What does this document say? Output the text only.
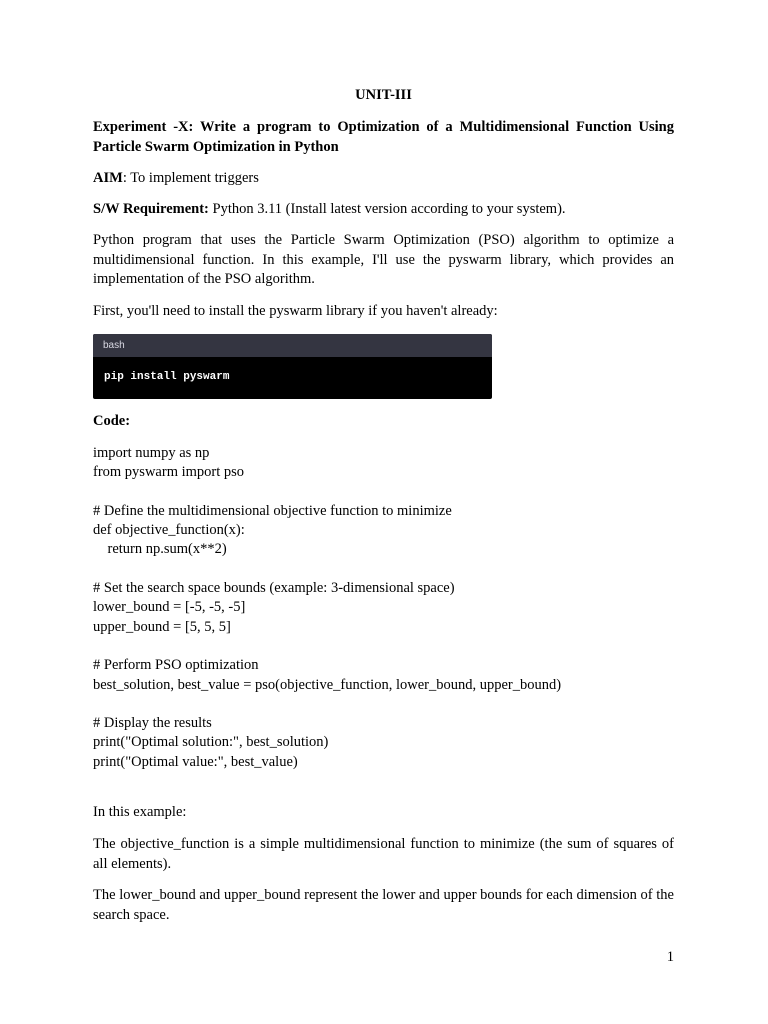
UNIT-III

Experiment -X: Write a program to Optimization of a Multidimensional Function Using Particle Swarm Optimization in Python

AIM: To implement triggers

S/W Requirement: Python 3.11 (Install latest version according to your system).

Python program that uses the Particle Swarm Optimization (PSO) algorithm to optimize a multidimensional function. In this example, I'll use the pyswarm library, which provides an implementation of the PSO algorithm.

First, you'll need to install the pyswarm library if you haven't already:

bash
pip install pyswarm
Code:
import numpy as np
from pyswarm import pso
# Define the multidimensional objective function to minimize
def objective_function(x):
return np.sum(x**2)
# Set the search space bounds (example: 3-dimensional space)
lower_bound = [-5, -5, -5]
upper_bound = [5, 5, 5]
# Perform PSO optimization
best_solution, best_value = pso(objective_function, lower_bound, upper_bound)
# Display the results
print("Optimal solution:", best_solution)
print("Optimal value:", best_value)

In this example:

The objective_function is a simple multidimensional function to minimize (the sum of squares of all elements).

The lower_bound and upper_bound represent the lower and upper bounds for each dimension of the search space.

1
